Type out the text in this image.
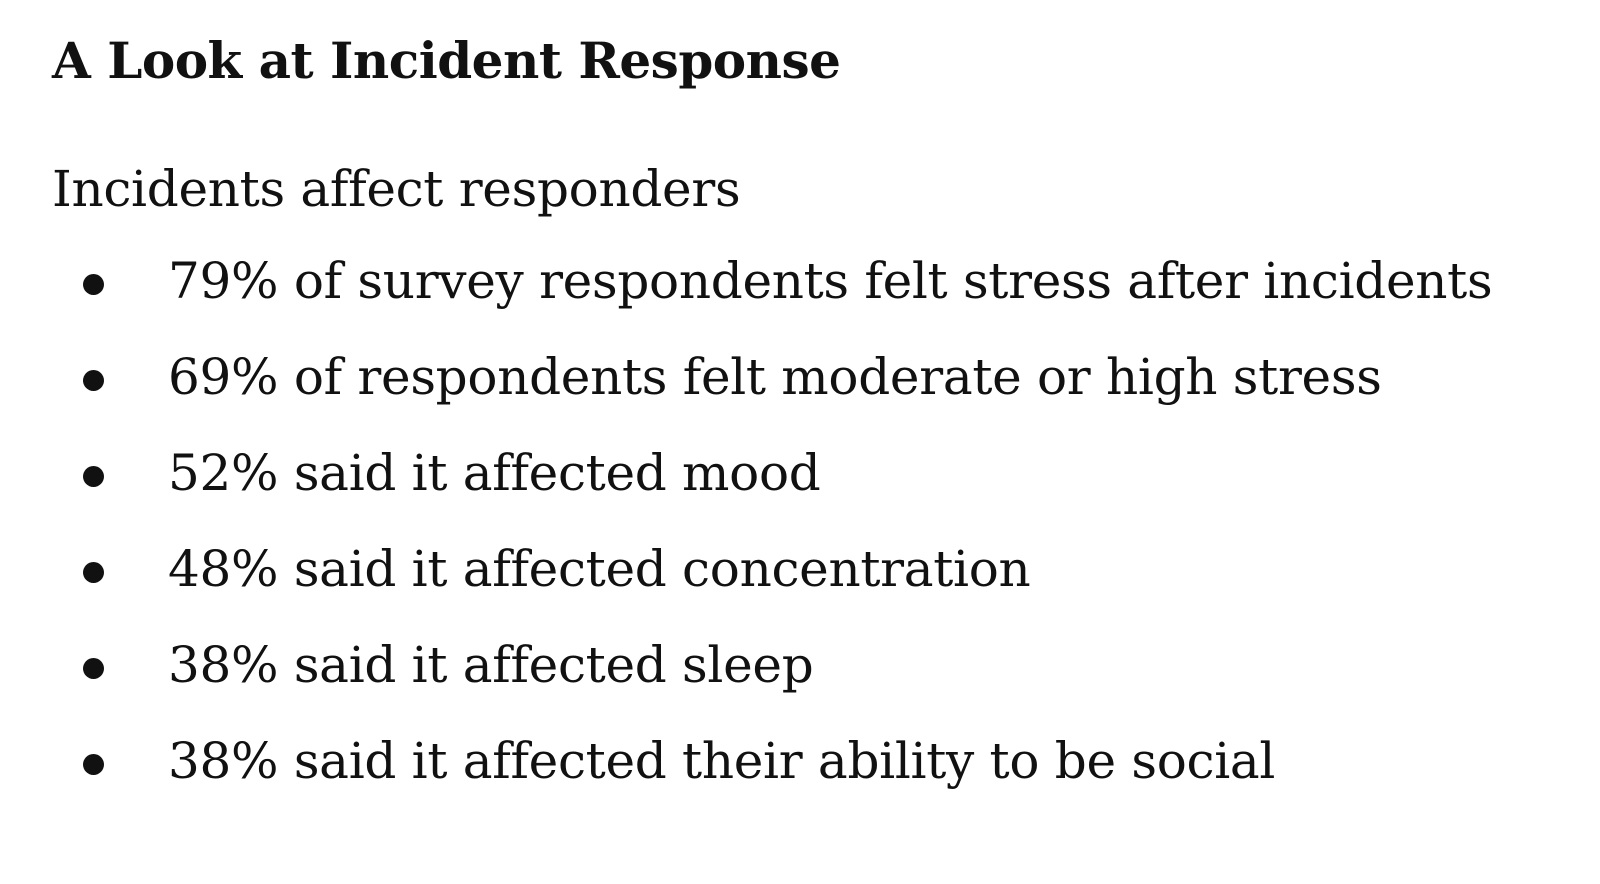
A Look at Incident Response

Incidents affect responders

79% of survey respondents felt stress after incidents
69% of respondents felt moderate or high stress
52% said it affected mood
48% said it affected concentration
38% said it affected sleep
38% said it affected their ability to be social
